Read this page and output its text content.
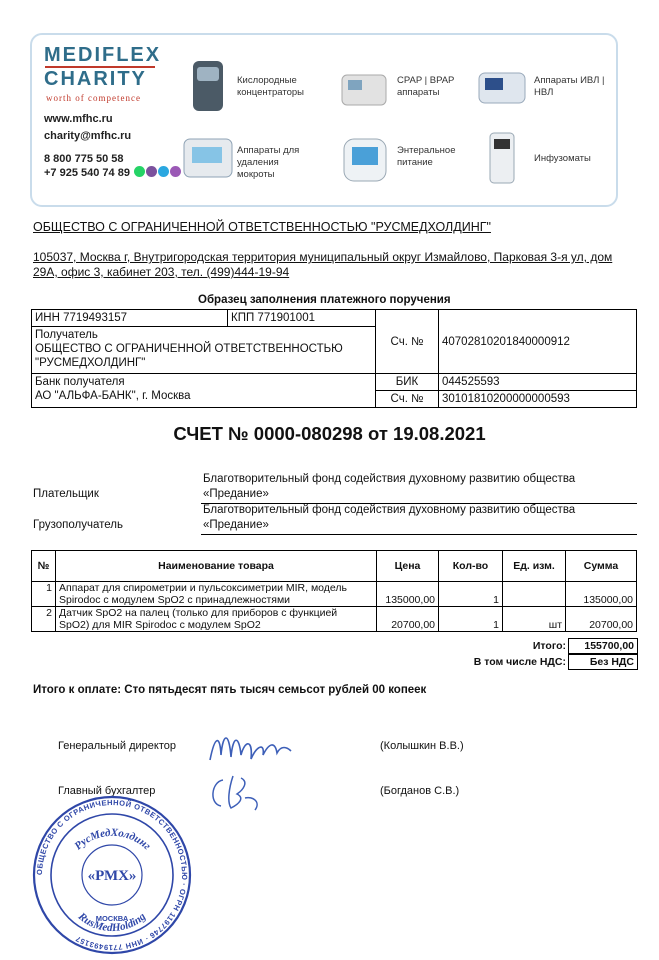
MEDIFLEX
CHARITY
worth of competence
www.mfhc.ru
charity@mfhc.ru
8 800 775 50 58
+7 925 540 74 89
Кислородные концентраторы
CPAP | BPAP аппараты
Аппараты ИВЛ | НВЛ
Аппараты для удаления мокроты
Энтеральное питание	Инфузоматы
ОБЩЕСТВО С ОГРАНИЧЕННОЙ ОТВЕТСТВЕННОСТЬЮ "РУСМЕДХОЛДИНГ"
105037, Москва г, Внутригородская территория муниципальный округ Измайлово, Парковая 3-я ул, дом
29А, офис 3, кабинет 203, тел. (499)444-19-94
Образец заполнения платежного поручения
ИНН 7719493157	КПП 771901001	Сч. №	40702810201840000912

Получатель
ОБЩЕСТВО С ОГРАНИЧЕННОЙ ОТВЕТСТВЕННОСТЬЮ
"РУСМЕДХОЛДИНГ"			

Банк получателя
АО "АЛЬФА-БАНК", г. Москва		БИК	044525593
		Сч. №	30101810200000000593
СЧЕТ № 0000-080298 от 19.08.2021
Плательщик
Благотворительный фонд содействия духовному развитию общества
«Предание»
Грузополучатель
Благотворительный фонд содействия духовному развитию общества
«Предание»
№	Наименование товара	Цена	Кол-во	Ед. изм.	Сумма
1	Аппарат для спирометрии и пульсоксиметрии MIR, модель
Spirodoc с модулем SpO2 с принадлежностями	135000,00	1		135000,00
2	Датчик SpO2 на палец (только для приборов с функцией
SpO2) для MIR Spirodoc с модулем SpO2	20700,00	1	шт	20700,00
Итого:	155700,00
В том числе НДС:	Без НДС
Итого к оплате: Сто пятьдесят пять тысяч семьсот рублей 00 копеек
Генеральный директор	(Колышкин В.В.)
Главный бухгалтер	(Богданов С.В.)
ОБЩЕСТВО С ОГРАНИЧЕННОЙ ОТВЕТСТВЕННОСТЬЮ · ОГРН 1197746 · ИНН 7719493157
РусМедХолдинг
RusMedHolding
«РМХ»
МОСКВА
